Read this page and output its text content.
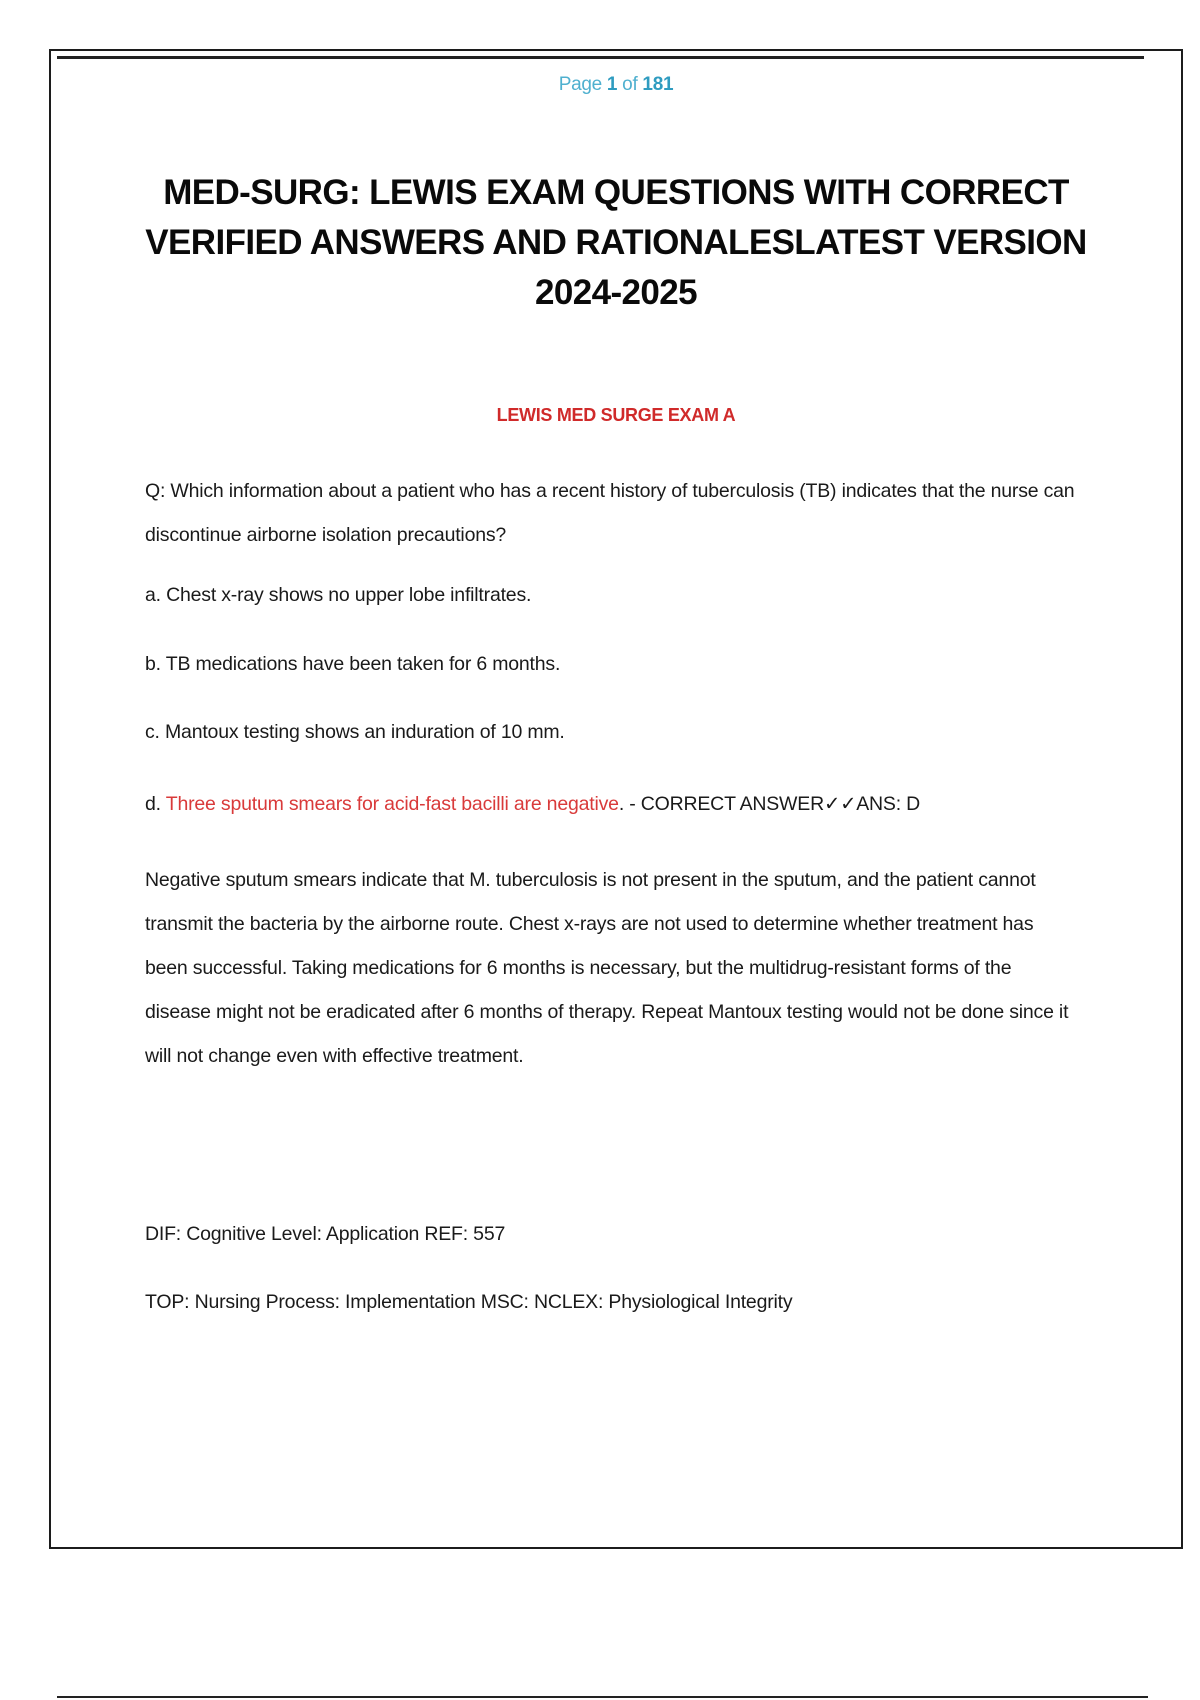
Page 1 of 181
MED-SURG: LEWIS EXAM QUESTIONS WITH CORRECT VERIFIED ANSWERS AND RATIONALESLATEST VERSION 2024-2025
LEWIS MED SURGE EXAM A
Q: Which information about a patient who has a recent history of tuberculosis (TB) indicates that the nurse can discontinue airborne isolation precautions?
a. Chest x-ray shows no upper lobe infiltrates.
b. TB medications have been taken for 6 months.
c. Mantoux testing shows an induration of 10 mm.
d. Three sputum smears for acid-fast bacilli are negative. - CORRECT ANSWER✓✓ANS: D
Negative sputum smears indicate that M. tuberculosis is not present in the sputum, and the patient cannot transmit the bacteria by the airborne route. Chest x-rays are not used to determine whether treatment has been successful. Taking medications for 6 months is necessary, but the multidrug-resistant forms of the disease might not be eradicated after 6 months of therapy. Repeat Mantoux testing would not be done since it will not change even with effective treatment.
DIF: Cognitive Level: Application REF: 557
TOP: Nursing Process: Implementation MSC: NCLEX: Physiological Integrity
